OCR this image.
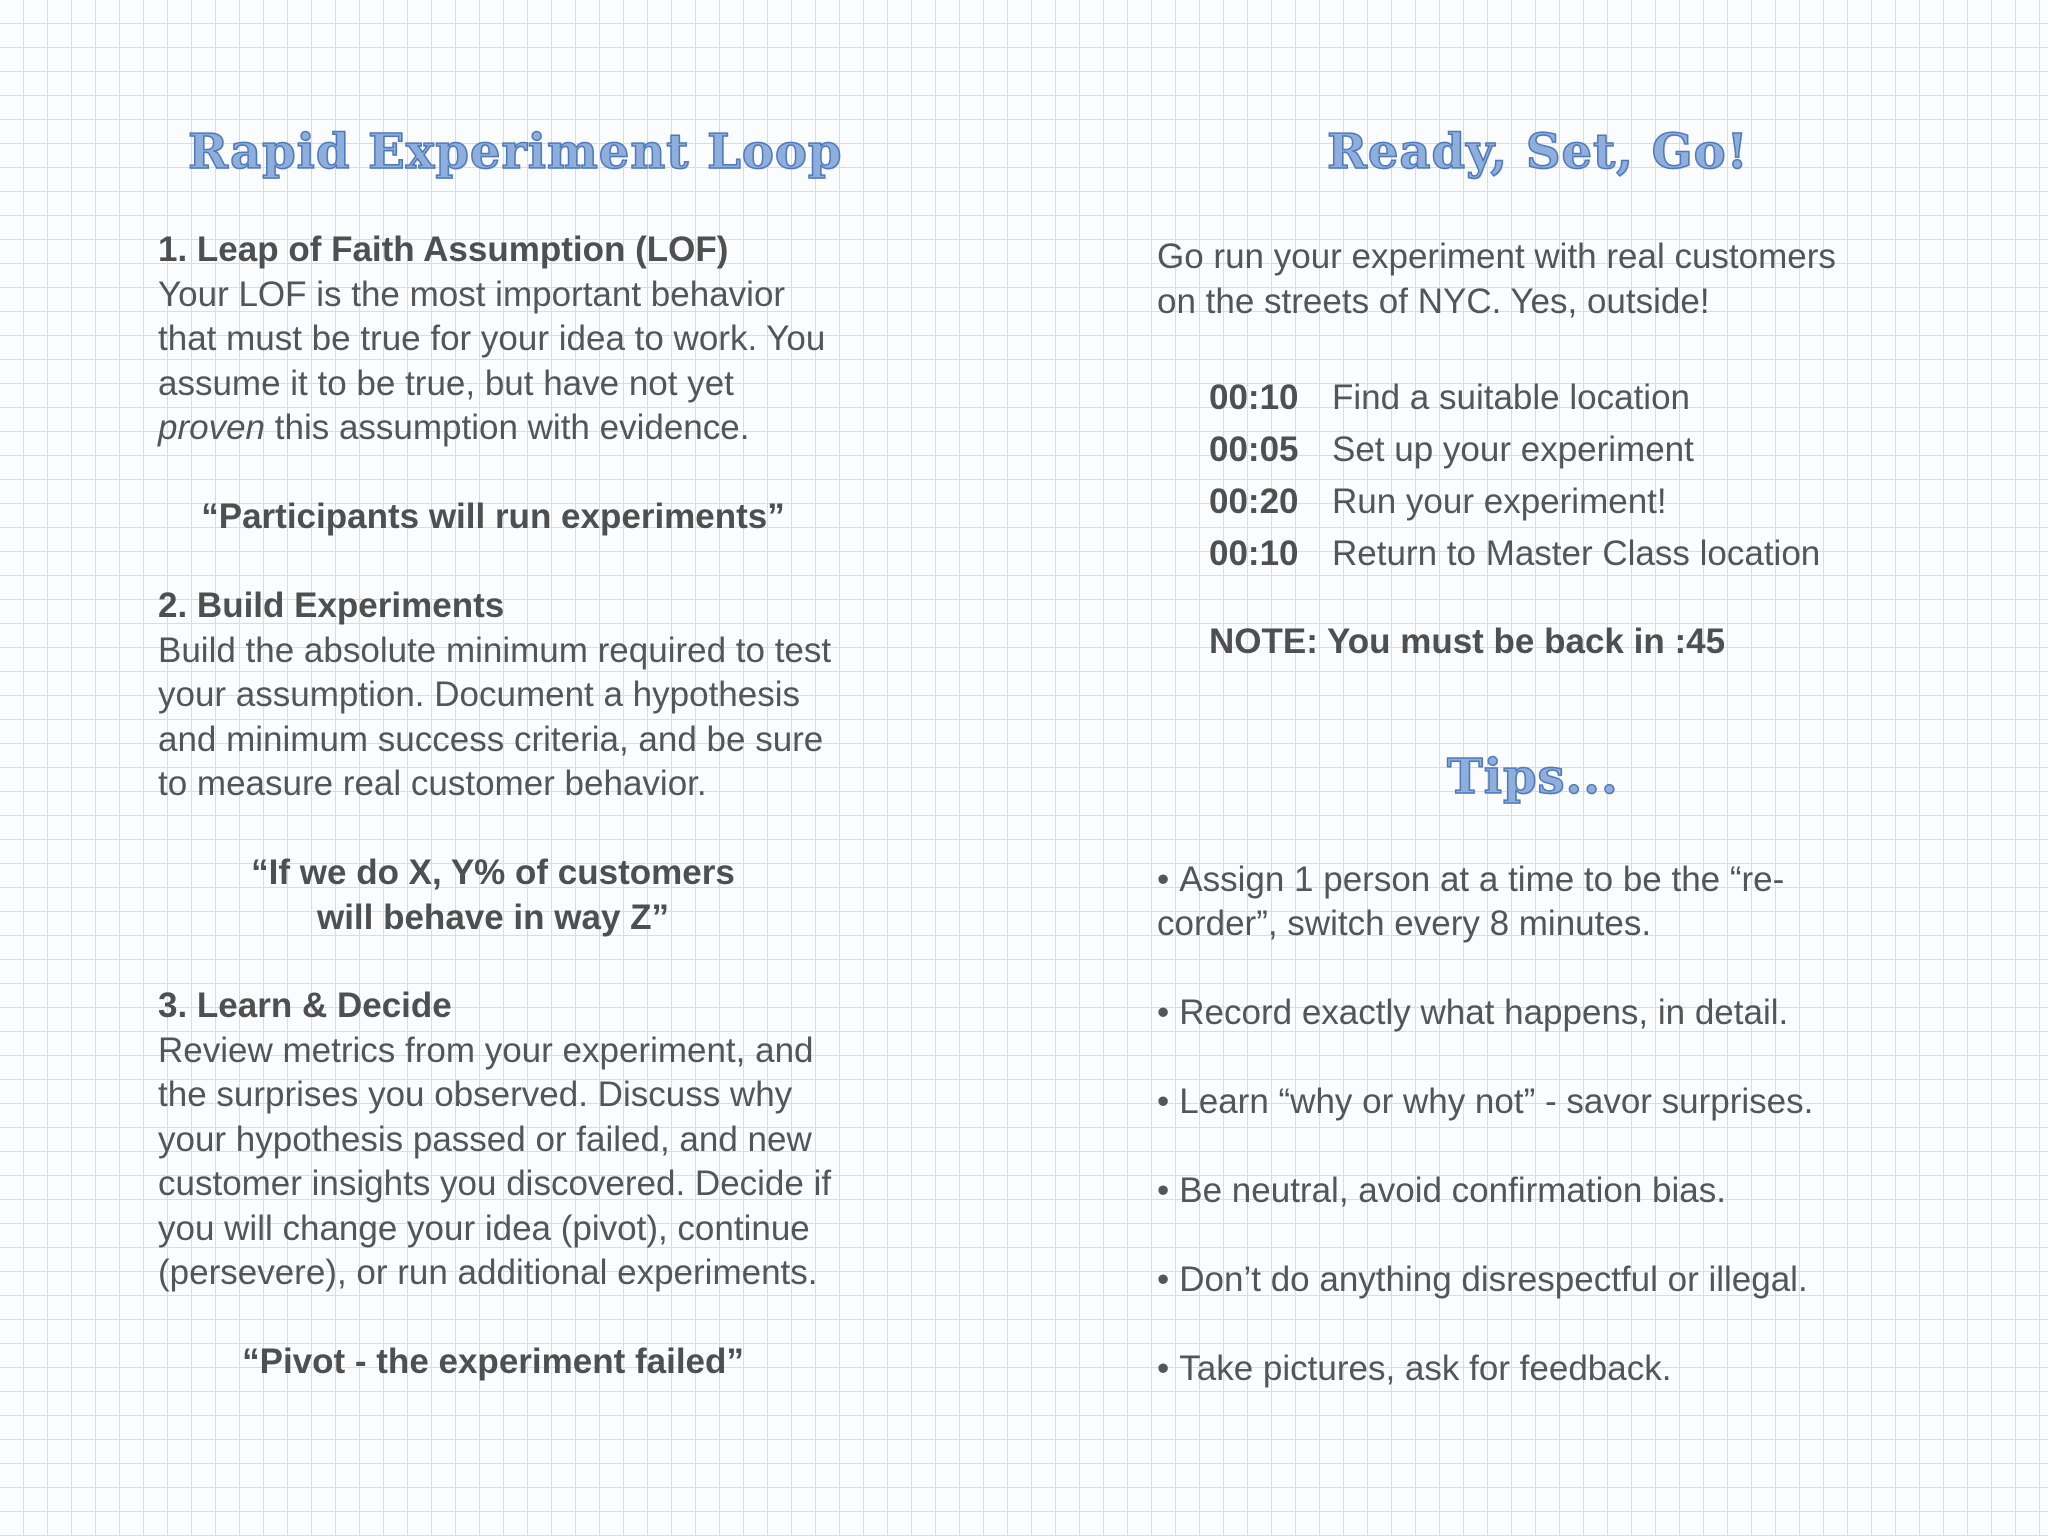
Rapid Experiment Loop
1. Leap of Faith Assumption (LOF)
Your LOF is the most important behavior
that must be true for your idea to work. You
assume it to be true, but have not yet
proven this assumption with evidence.
“Participants will run experiments”
2. Build Experiments
Build the absolute minimum required to test
your assumption. Document a hypothesis
and minimum success criteria, and be sure
to measure real customer behavior.
“If we do X, Y% of customers
will behave in way Z”
3. Learn & Decide
Review metrics from your experiment, and
the surprises you observed. Discuss why
your hypothesis passed or failed, and new
customer insights you discovered. Decide if
you will change your idea (pivot), continue
(persevere), or run additional experiments.
“Pivot - the experiment failed”
Ready, Set, Go!
Go run your experiment with real customers
on the streets of NYC. Yes, outside!
00:10 Find a suitable location
00:05 Set up your experiment
00:20 Run your experiment!
00:10 Return to Master Class location
NOTE: You must be back in :45
Tips...
• Assign 1 person at a time to be the “re-
corder”, switch every 8 minutes.
• Record exactly what happens, in detail.
• Learn “why or why not” - savor surprises.
• Be neutral, avoid confirmation bias.
• Don’t do anything disrespectful or illegal.
• Take pictures, ask for feedback.
